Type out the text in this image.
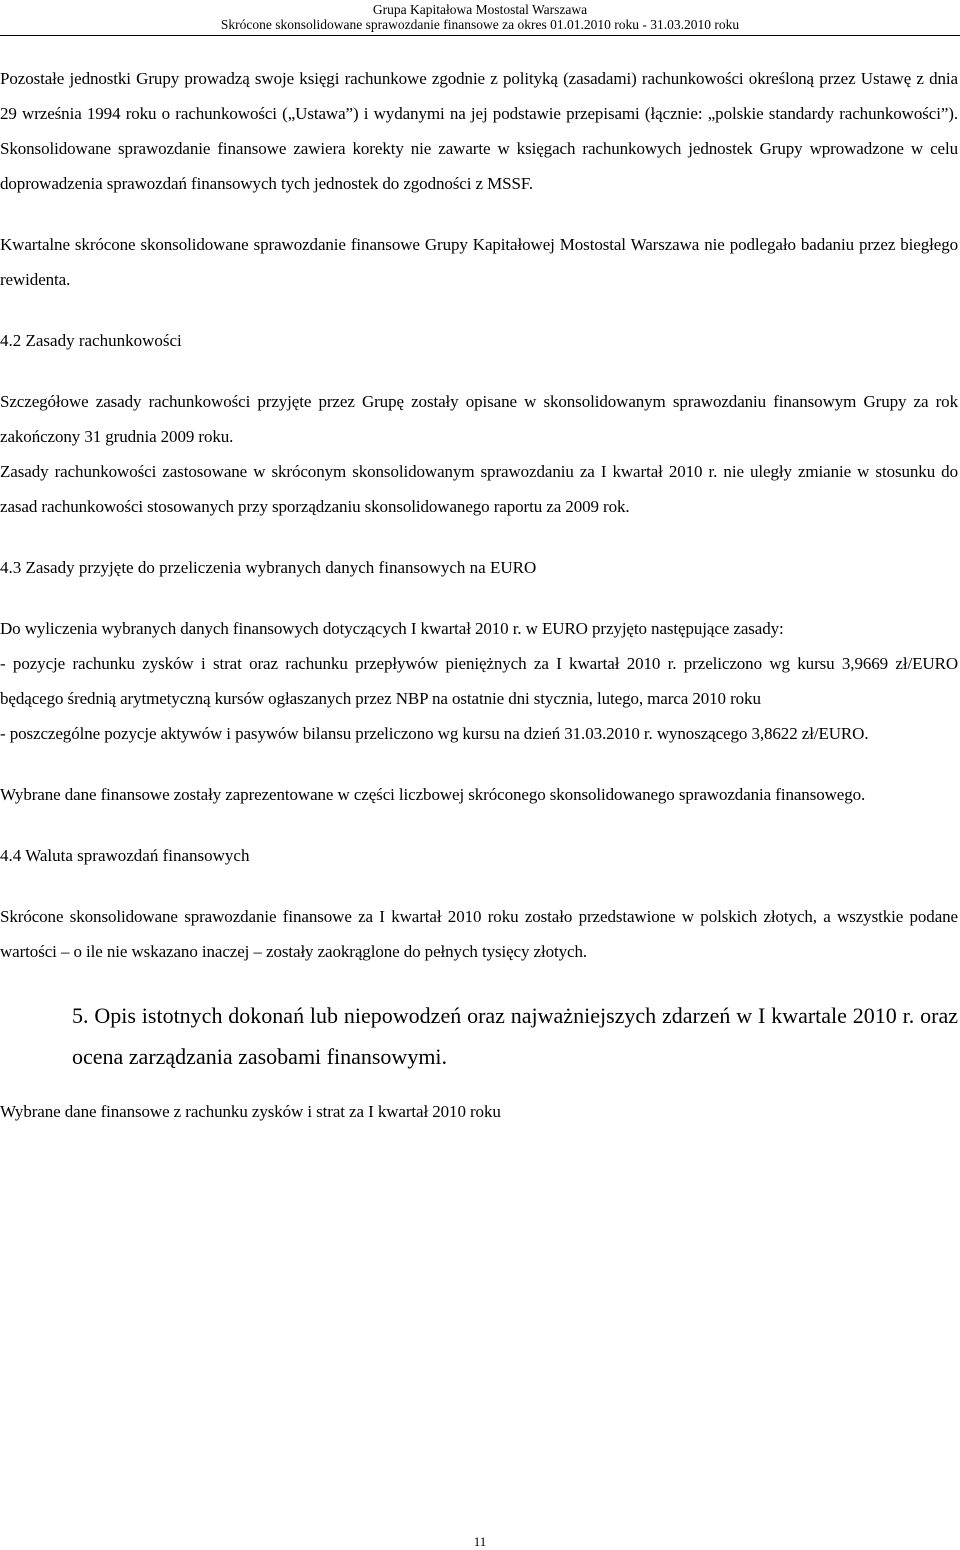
Grupa Kapitałowa Mostostal Warszawa
Skrócone skonsolidowane sprawozdanie finansowe za okres 01.01.2010 roku - 31.03.2010 roku

Pozostałe jednostki Grupy prowadzą swoje księgi rachunkowe zgodnie z polityką (zasadami) rachunkowości określoną przez Ustawę z dnia 29 września 1994 roku o rachunkowości („Ustawa”) i wydanymi na jej podstawie przepisami (łącznie: „polskie standardy rachunkowości”). Skonsolidowane sprawozdanie finansowe zawiera korekty nie zawarte w księgach rachunkowych jednostek Grupy wprowadzone w celu doprowadzenia sprawozdań finansowych tych jednostek do zgodności z MSSF.

Kwartalne skrócone skonsolidowane sprawozdanie finansowe Grupy Kapitałowej Mostostal Warszawa nie podlegało badaniu przez biegłego rewidenta.

4.2 Zasady rachunkowości

Szczegółowe zasady rachunkowości przyjęte przez Grupę zostały opisane w skonsolidowanym sprawozdaniu finansowym Grupy za rok zakończony 31 grudnia 2009 roku.

Zasady rachunkowości zastosowane w skróconym skonsolidowanym sprawozdaniu za I kwartał 2010 r. nie uległy zmianie w stosunku do zasad rachunkowości stosowanych przy sporządzaniu skonsolidowanego raportu za 2009 rok.

4.3 Zasady przyjęte do przeliczenia wybranych danych finansowych na EURO

Do wyliczenia wybranych danych finansowych dotyczących I kwartał 2010 r. w EURO przyjęto następujące zasady:

- pozycje rachunku zysków i strat oraz rachunku przepływów pieniężnych za I kwartał 2010 r. przeliczono wg kursu 3,9669 zł/EURO będącego średnią arytmetyczną kursów ogłaszanych przez NBP na ostatnie dni stycznia, lutego, marca 2010 roku

- poszczególne pozycje aktywów i pasywów bilansu przeliczono wg kursu na dzień 31.03.2010 r. wynoszącego 3,8622 zł/EURO.

Wybrane dane finansowe zostały zaprezentowane w części liczbowej skróconego skonsolidowanego sprawozdania finansowego.

4.4 Waluta sprawozdań finansowych

Skrócone skonsolidowane sprawozdanie finansowe za I kwartał 2010 roku zostało przedstawione w polskich złotych, a wszystkie podane wartości – o ile nie wskazano inaczej – zostały zaokrąglone do pełnych tysięcy złotych.

5. Opis istotnych dokonań lub niepowodzeń oraz najważniejszych zdarzeń w I kwartale 2010 r. oraz ocena zarządzania zasobami finansowymi.

Wybrane dane finansowe z rachunku zysków i strat za I kwartał 2010 roku

11
